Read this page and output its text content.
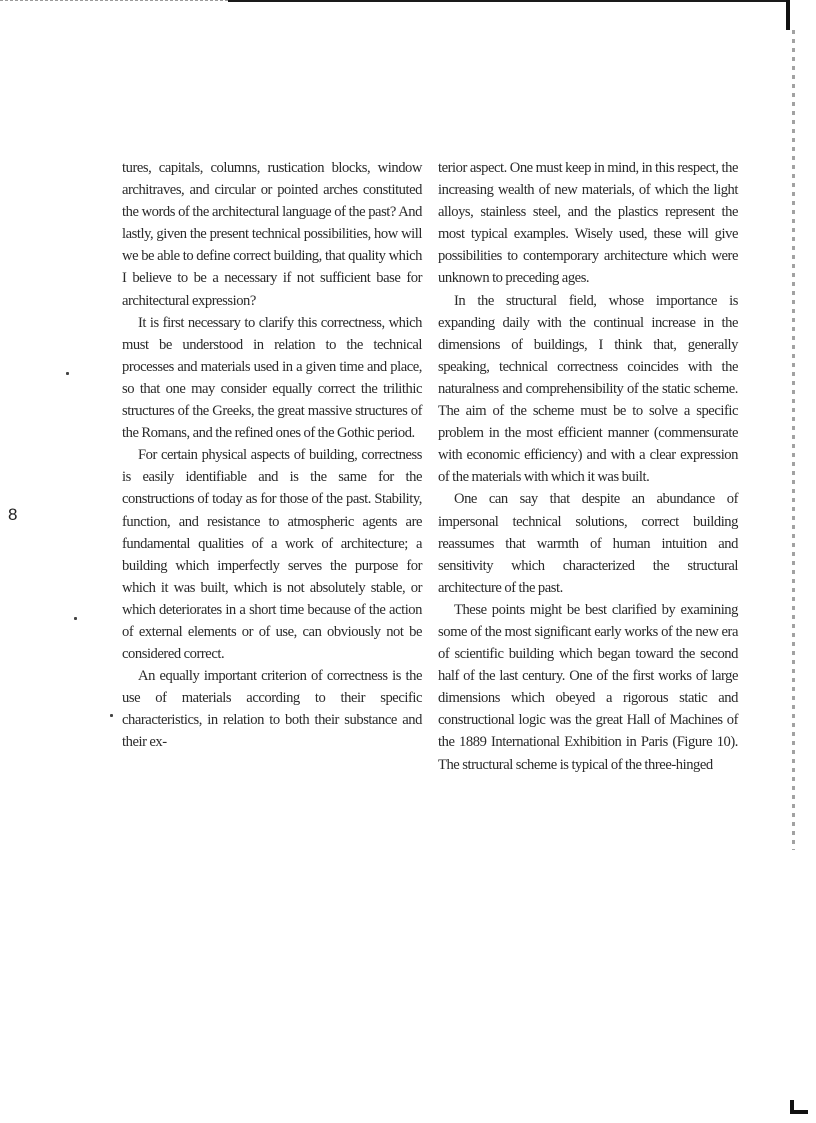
8

tures, capitals, columns, rustication blocks, window architraves, and circular or pointed arches constituted the words of the architectural language of the past? And lastly, given the present technical possibilities, how will we be able to define correct building, that quality which I believe to be a necessary if not sufficient base for architectural expression?

It is first necessary to clarify this correctness, which must be understood in relation to the technical processes and materials used in a given time and place, so that one may consider equally correct the trilithic structures of the Greeks, the great massive structures of the Romans, and the refined ones of the Gothic period.

For certain physical aspects of building, correctness is easily identifiable and is the same for the constructions of today as for those of the past. Stability, function, and resistance to atmospheric agents are fundamental qualities of a work of architecture; a building which imperfectly serves the purpose for which it was built, which is not absolutely stable, or which deteriorates in a short time because of the action of external elements or of use, can obviously not be considered correct.

An equally important criterion of correctness is the use of materials according to their specific characteristics, in relation to both their substance and their ex-

terior aspect. One must keep in mind, in this respect, the increasing wealth of new materials, of which the light alloys, stainless steel, and the plastics represent the most typical examples. Wisely used, these will give possibilities to contemporary architecture which were unknown to preceding ages.

In the structural field, whose importance is expanding daily with the continual increase in the dimensions of buildings, I think that, generally speaking, technical correctness coincides with the naturalness and comprehensibility of the static scheme. The aim of the scheme must be to solve a specific problem in the most efficient manner (commensurate with economic efficiency) and with a clear expression of the materials with which it was built.

One can say that despite an abundance of impersonal technical solutions, correct building reassumes that warmth of human intuition and sensitivity which characterized the structural architecture of the past.

These points might be best clarified by examining some of the most significant early works of the new era of scientific building which began toward the second half of the last century. One of the first works of large dimensions which obeyed a rigorous static and constructional logic was the great Hall of Machines of the 1889 International Exhibition in Paris (Figure 10). The structural scheme is typical of the three-hinged
